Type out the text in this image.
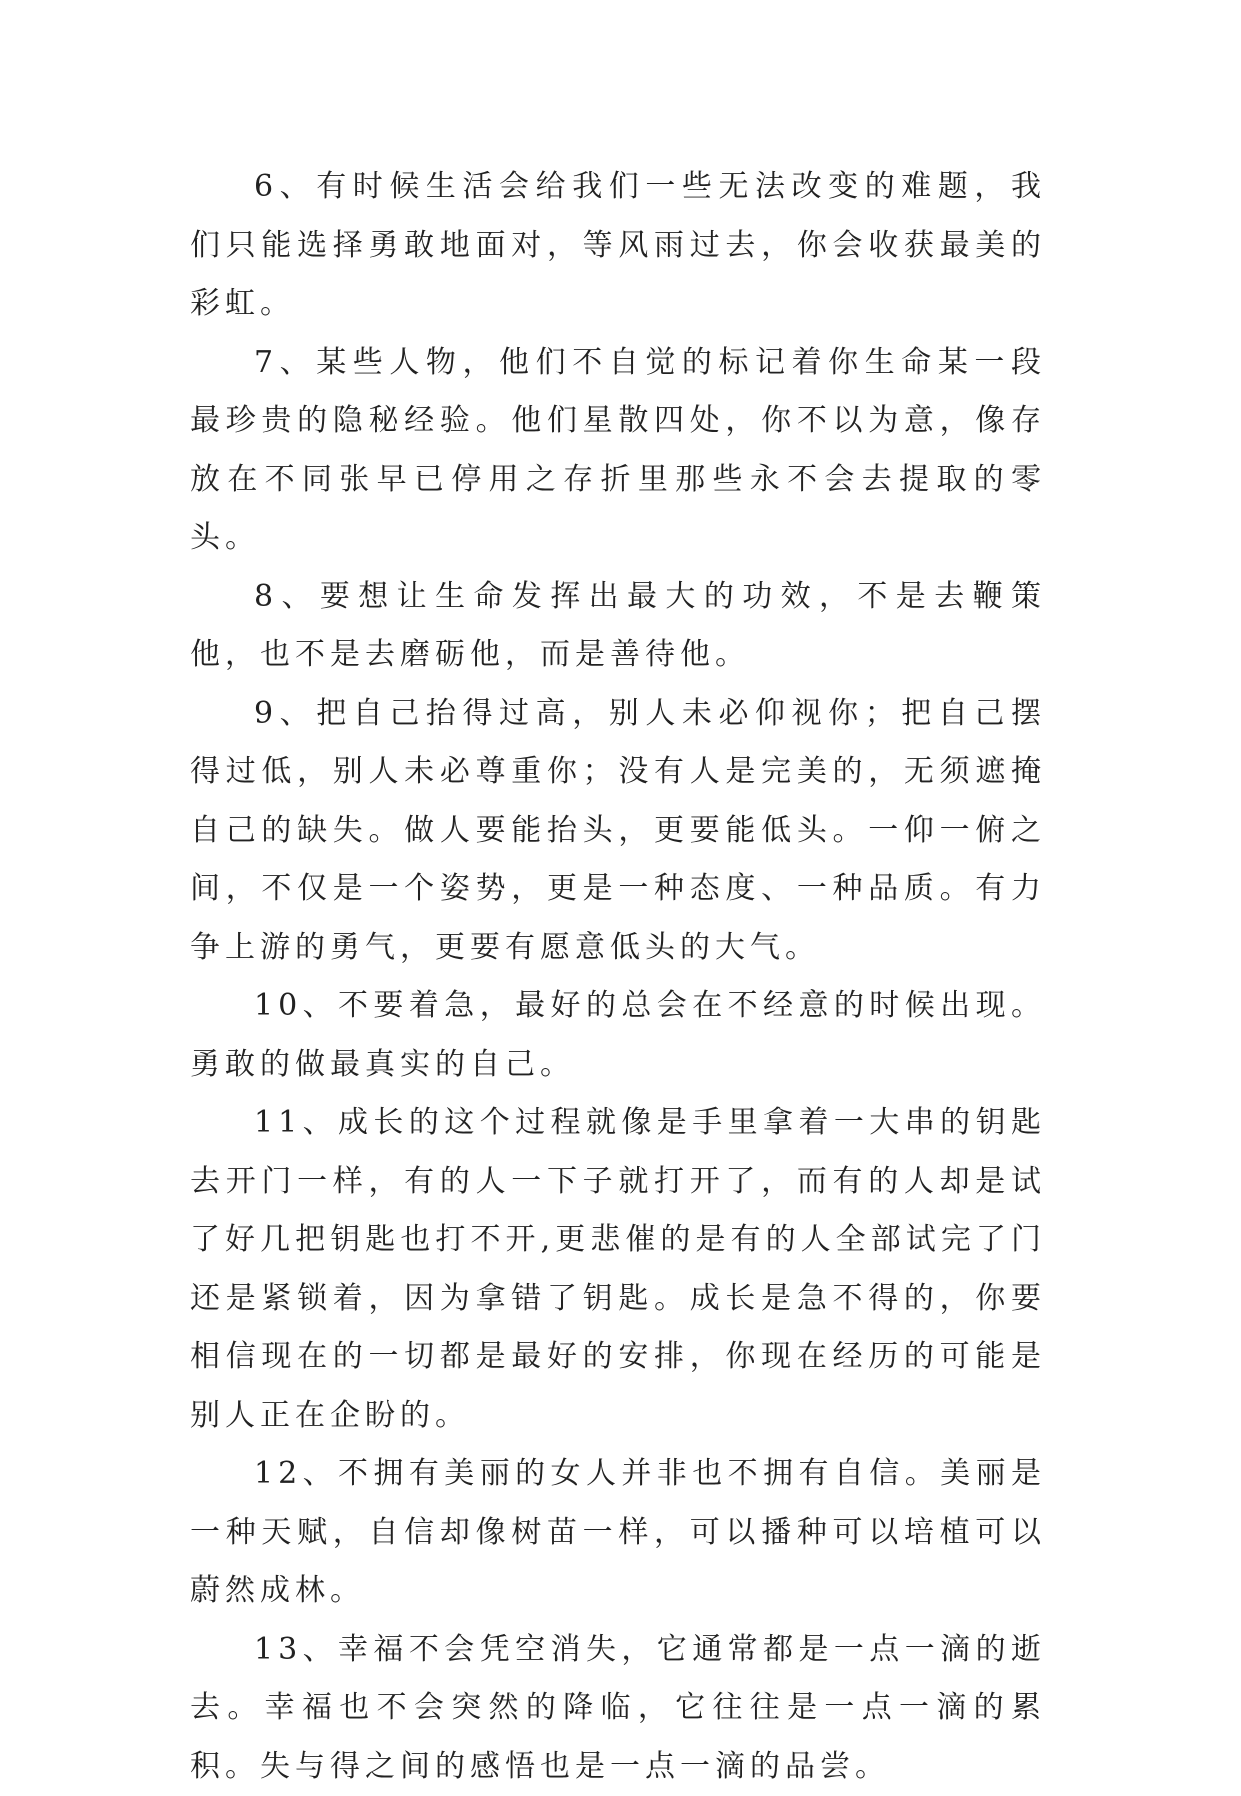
6、有时候生活会给我们一些无法改变的难题，我们只能选择勇敢地面对，等风雨过去，你会收获最美的彩虹。

7、某些人物，他们不自觉的标记着你生命某一段最珍贵的隐秘经验。他们星散四处，你不以为意，像存放在不同张早已停用之存折里那些永不会去提取的零头。

8、要想让生命发挥出最大的功效，不是去鞭策他，也不是去磨砺他，而是善待他。

9、把自己抬得过高，别人未必仰视你；把自己摆得过低，别人未必尊重你；没有人是完美的，无须遮掩自己的缺失。做人要能抬头，更要能低头。一仰一俯之间，不仅是一个姿势，更是一种态度、一种品质。有力争上游的勇气，更要有愿意低头的大气。

10、不要着急，最好的总会在不经意的时候出现。勇敢的做最真实的自己。

11、成长的这个过程就像是手里拿着一大串的钥匙去开门一样，有的人一下子就打开了，而有的人却是试了好几把钥匙也打不开,更悲催的是有的人全部试完了门还是紧锁着，因为拿错了钥匙。成长是急不得的，你要相信现在的一切都是最好的安排，你现在经历的可能是别人正在企盼的。

12、不拥有美丽的女人并非也不拥有自信。美丽是一种天赋，自信却像树苗一样，可以播种可以培植可以蔚然成林。

13、幸福不会凭空消失，它通常都是一点一滴的逝去。幸福也不会突然的降临，它往往是一点一滴的累积。失与得之间的感悟也是一点一滴的品尝。
